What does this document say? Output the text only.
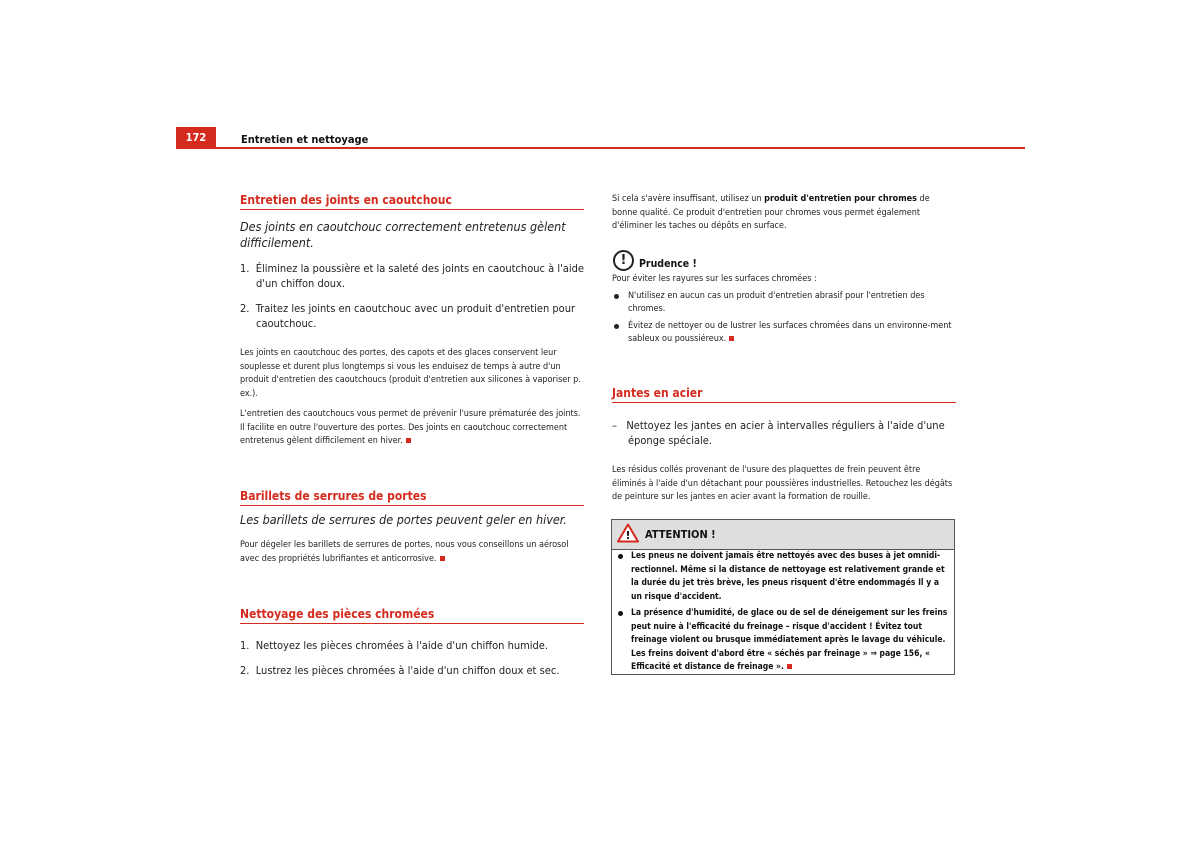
172	Entretien et nettoyage
Entretien des joints en caoutchouc

Des joints en caoutchouc correctement entretenus gèlent difficilement.

1. Éliminez la poussière et la saleté des joints en caoutchouc à l'aide d'un chiffon doux.

2. Traitez les joints en caoutchouc avec un produit d'entretien pour caoutchouc.

Les joints en caoutchouc des portes, des capots et des glaces conservent leur souplesse et durent plus longtemps si vous les enduisez de temps à autre d'un produit d'entretien des caoutchoucs (produit d'entretien aux silicones à vaporiser p. ex.).

L'entretien des caoutchoucs vous permet de prévenir l'usure prématurée des joints. Il facilite en outre l'ouverture des portes. Des joints en caoutchouc correctement entretenus gèlent difficilement en hiver.

Barillets de serrures de portes

Les barillets de serrures de portes peuvent geler en hiver.

Pour dégeler les barillets de serrures de portes, nous vous conseillons un aérosol avec des propriétés lubrifiantes et anticorrosive.

Nettoyage des pièces chromées

1. Nettoyez les pièces chromées à l'aide d'un chiffon humide.

2. Lustrez les pièces chromées à l'aide d'un chiffon doux et sec.

Si cela s'avère insuffisant, utilisez un produit d'entretien pour chromes de bonne qualité. Ce produit d'entretien pour chromes vous permet également d'éliminer les taches ou dépôts en surface.

!	Prudence !

Pour éviter les rayures sur les surfaces chromées :

N'utilisez en aucun cas un produit d'entretien abrasif pour l'entretien des chromes.

Évitez de nettoyer ou de lustrer les surfaces chromées dans un environne-ment sableux ou poussiéreux.

Jantes en acier

– Nettoyez les jantes en acier à intervalles réguliers à l'aide d'une éponge spéciale.

Les résidus collés provenant de l'usure des plaquettes de frein peuvent être éliminés à l'aide d'un détachant pour poussières industrielles. Retouchez les dégâts de peinture sur les jantes en acier avant la formation de rouille.

! ATTENTION !

Les pneus ne doivent jamais être nettoyés avec des buses à jet omnidi-rectionnel. Même si la distance de nettoyage est relativement grande et la durée du jet très brève, les pneus risquent d'être endommagés Il y a un risque d'accident.

La présence d'humidité, de glace ou de sel de déneigement sur les freins peut nuire à l'efficacité du freinage – risque d'accident ! Évitez tout freinage violent ou brusque immédiatement après le lavage du véhicule. Les freins doivent d'abord être « séchés par freinage » ⇒ page 156, « Efficacité et distance de freinage ».
